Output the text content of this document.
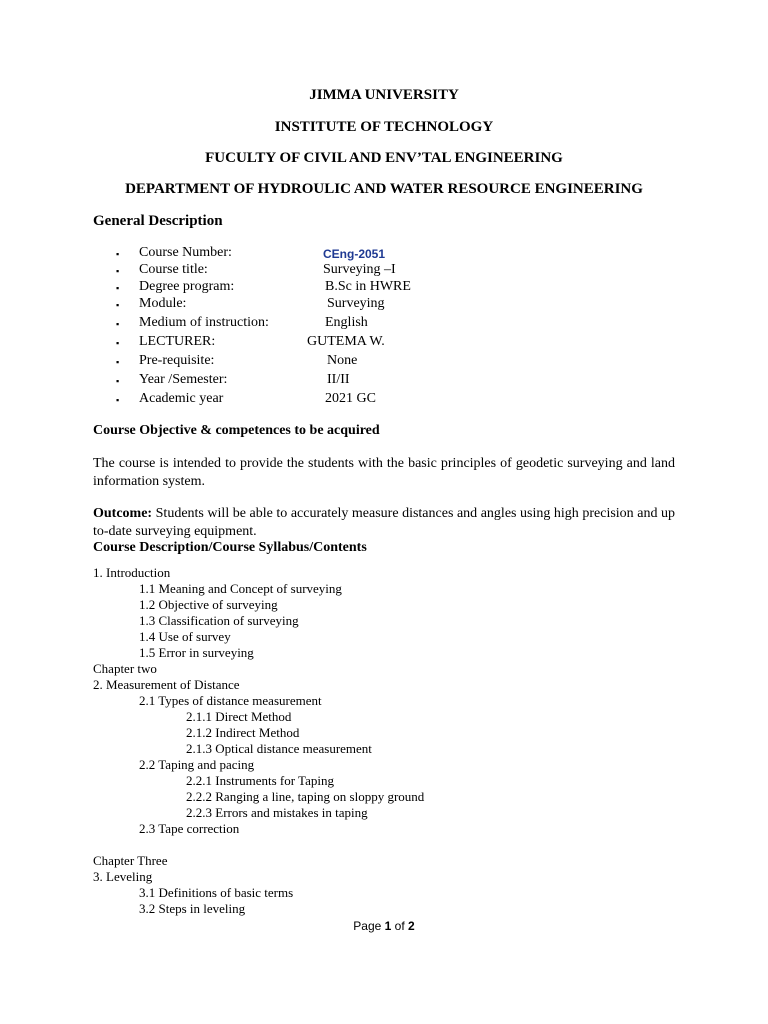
JIMMA UNIVERSITY
INSTITUTE OF TECHNOLOGY
FUCULTY OF CIVIL AND ENV’TAL ENGINEERING
DEPARTMENT OF HYDROULIC AND WATER RESOURCE ENGINEERING
General Description
▪ Course Number:	CEng-2051
▪ Course title:	Surveying –I
▪ Degree program:	B.Sc in HWRE
▪ Module:	Surveying
▪ Medium of instruction:	English
▪ LECTURER:	GUTEMA W.
▪ Pre-requisite:	None
▪ Year /Semester:	II/II
▪ Academic year	2021 GC
Course Objective & competences to be acquired
The course is intended to provide the students with the basic principles of geodetic surveying and land information system.
Outcome: Students will be able to accurately measure distances and angles using high precision and up to-date surveying equipment.
Course Description/Course Syllabus/Contents
1. Introduction
1.1 Meaning and Concept of surveying
1.2 Objective of surveying
1.3 Classification of surveying
1.4 Use of survey
1.5 Error in surveying
Chapter two
2. Measurement of Distance
2.1 Types of distance measurement
2.1.1 Direct Method
2.1.2 Indirect Method
2.1.3 Optical distance measurement
2.2 Taping and pacing
2.2.1 Instruments for Taping
2.2.2 Ranging a line, taping on sloppy ground
2.2.3 Errors and mistakes in taping
2.3 Tape correction
Chapter Three
3. Leveling
3.1 Definitions of basic terms
3.2 Steps in leveling
Page 1 of 2
